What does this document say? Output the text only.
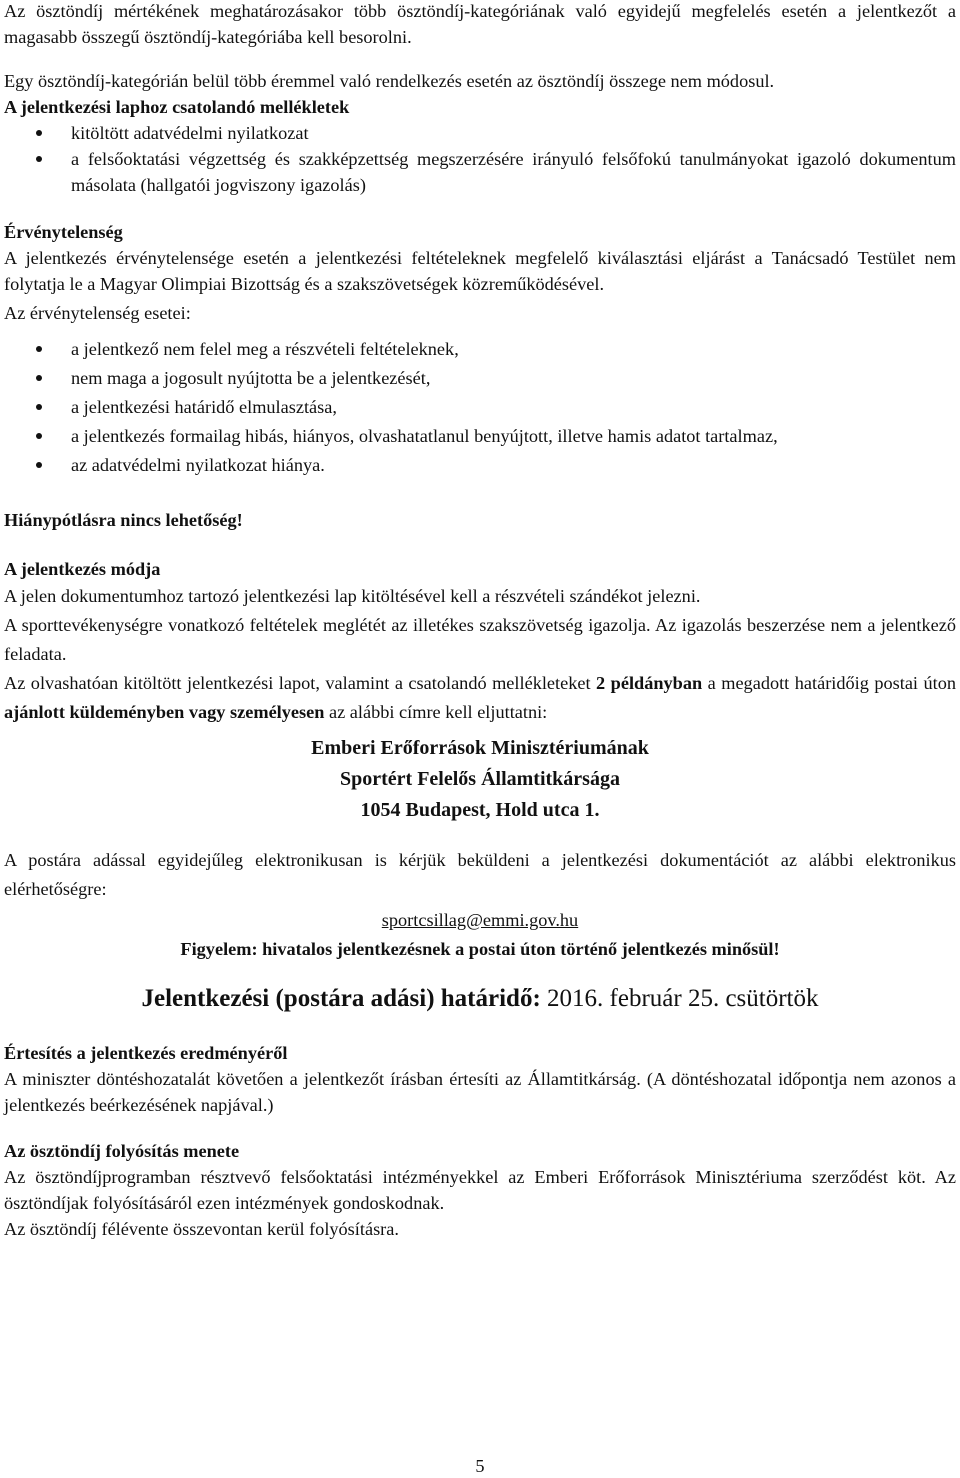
Az ösztöndíj mértékének meghatározásakor több ösztöndíj-kategóriának való egyidejű megfelelés esetén a jelentkezőt a magasabb összegű ösztöndíj-kategóriába kell besorolni.

Egy ösztöndíj-kategórián belül több éremmel való rendelkezés esetén az ösztöndíj összege nem módosul.

A jelentkezési laphoz csatolandó mellékletek
kitöltött adatvédelmi nyilatkozat
a felsőoktatási végzettség és szakképzettség megszerzésére irányuló felsőfokú tanulmányokat igazoló dokumentum másolata (hallgatói jogviszony igazolás)
Érvénytelenség

A jelentkezés érvénytelensége esetén a jelentkezési feltételeknek megfelelő kiválasztási eljárást a Tanácsadó Testület nem folytatja le a Magyar Olimpiai Bizottság és a szakszövetségek közreműködésével.

Az érvénytelenség esetei:

a jelentkező nem felel meg a részvételi feltételeknek,
nem maga a jogosult nyújtotta be a jelentkezését,
a jelentkezési határidő elmulasztása,
a jelentkezés formailag hibás, hiányos, olvashatatlanul benyújtott, illetve hamis adatot tartalmaz,
az adatvédelmi nyilatkozat hiánya.

Hiánypótlásra nincs lehetőség!

A jelentkezés módja

A jelen dokumentumhoz tartozó jelentkezési lap kitöltésével kell a részvételi szándékot jelezni.

A sporttevékenységre vonatkozó feltételek meglétét az illetékes szakszövetség igazolja. Az igazolás beszerzése nem a jelentkező feladata.

Az olvashatóan kitöltött jelentkezési lapot, valamint a csatolandó mellékleteket 2 példányban a megadott határidőig postai úton ajánlott küldeményben vagy személyesen az alábbi címre kell eljuttatni:

Emberi Erőforrások Minisztériumának

Sportért Felelős Államtitkársága

1054 Budapest, Hold utca 1.

A postára adással egyidejűleg elektronikusan is kérjük beküldeni a jelentkezési dokumentációt az alábbi elektronikus elérhetőségre:

sportcsillag@emmi.gov.hu

Figyelem: hivatalos jelentkezésnek a postai úton történő jelentkezés minősül!

Jelentkezési (postára adási) határidő: 2016. február 25. csütörtök

Értesítés a jelentkezés eredményéről

A miniszter döntéshozatalát követően a jelentkezőt írásban értesíti az Államtitkárság. (A döntéshozatal időpontja nem azonos a jelentkezés beérkezésének napjával.)

Az ösztöndíj folyósítás menete

Az ösztöndíjprogramban résztvevő felsőoktatási intézményekkel az Emberi Erőforrások Minisztériuma szerződést köt. Az ösztöndíjak folyósításáról ezen intézmények gondoskodnak.

Az ösztöndíj félévente összevontan kerül folyósításra.

5
